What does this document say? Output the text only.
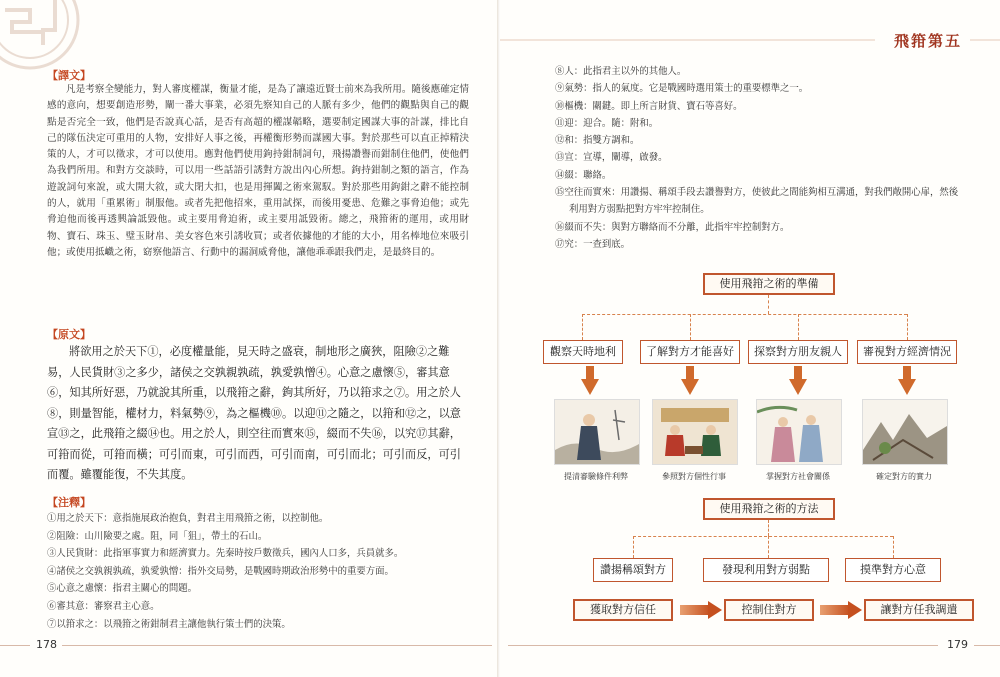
【譯文】
凡是考察全變能力，對人審度權謀，衡量才能，是為了讓遠近賢士前來為我所用。隨後應確定情感的意向，想要創造形勢，闡一番大事業，必須先察知自己的人脈有多少，他們的觀點與自己的觀點是否完全一致，他們是否說真心話，是否有高超的權謀韜略，選要制定國謀大事的計謀，排比自己的隊伍決定可重用的人物，安排好人事之後，再權衡形勢而謀國大事。對於那些可以直正掉精決策的人，才可以徵求，才可以使用。應對他們使用鉤持鉗制詞句，飛揚讚譽而鉗制住他們，使他們為我們所用。和對方交談時，可以用一些話語引誘對方說出內心所想。鉤持鉗制之類的語言，作為遊說詞句來說，或大開大敘，或大閉大扣，也是用揮闔之術來駕馭。對於那些用鉤鉗之辭不能控制的人，就用「重累術」制服他。或者先把他招來，重用試探，而後用憂患、危難之事脅迫他；或先脅迫他而後再透興論詆毀他。或主要用脅迫術，或主要用詆毀術。總之，飛箝術的運用，或用財物、寶石、珠玉、璧玉財帛、美女容色來引誘收買；或者依據他的才能的大小，用名棒地位來吸引他；或使用抵巇之術，窈察他語言、行動中的漏洞威脅他，讓他乖乖跟我們走，是最終目的。
【原文】
將欲用之於天下①，必度權量能，見天時之盛衰，制地形之廣狹，阻險②之難易，人民貨財③之多少，諸侯之交孰親孰疏，孰愛孰憎④。心意之慮懷⑤，審其意⑥，知其所好惡，乃就說其所重，以飛箝之辭，鉤其所好，乃以箝求之⑦。用之於人⑧，則量智能，權材力，料氣勢⑨，為之樞機⑩。以迎⑪之隨之，以箝和⑫之，以意宣⑬之，此飛箝之綴⑭也。用之於人，則空往而實來⑮，綴而不失⑯，以究⑰其辭，可箝而從，可箝而橫；可引而東，可引而西，可引而南，可引而北；可引而反，可引而覆。雖覆能復，不失其度。
【注釋】
①用之於天下：意指施展政治抱負，對君主用飛箝之術，以控制他。
②阻險：山川險要之處。阻，同「狙」，帶土的石山。
③人民貨財：此指軍事實力和經濟實力。先秦時按戶數徵兵，國內人口多，兵員就多。
④諸侯之交孰親孰疏，孰愛孰憎：指外交局勢，是戰國時期政治形勢中的重要方面。
⑤心意之慮懷：指君主關心的問題。
⑥審其意：審察君主心意。
⑦以箝求之：以飛箝之術鉗制君主讓他執行策士們的決策。
178
飛箝第五
⑧人：此指君主以外的其他人。
⑨氣勢：指人的氣度。它是戰國時選用策士的重要標準之一。
⑩樞機：關鍵。即上所言財貨、寶石等喜好。
⑪迎：迎合。隨：附和。
⑫和：指雙方調和。
⑬宣：宣導，闡導，啟發。
⑭綴：聯絡。
⑮空往而實來：用讚揚、稱頌手段去讚譽對方，使彼此之間能夠相互溝通，對我們敞開心扉，然後利用對方弱點把對方牢牢控制住。
⑯綴而不失：與對方聯絡而不分離，此指牢牢控制對方。
⑰究：一查到底。
使用飛箝之術的準備
觀察天時地利	了解對方才能喜好	探察對方朋友親人	審視對方經濟情況
提清審驗條件利弊	參照對方個性行事	掌握對方社會關係	確定對方的實力
使用飛箝之術的方法
讚揚稱頌對方	發現利用對方弱點	摸準對方心意
獲取對方信任	控制住對方	讓對方任我調遣
179
